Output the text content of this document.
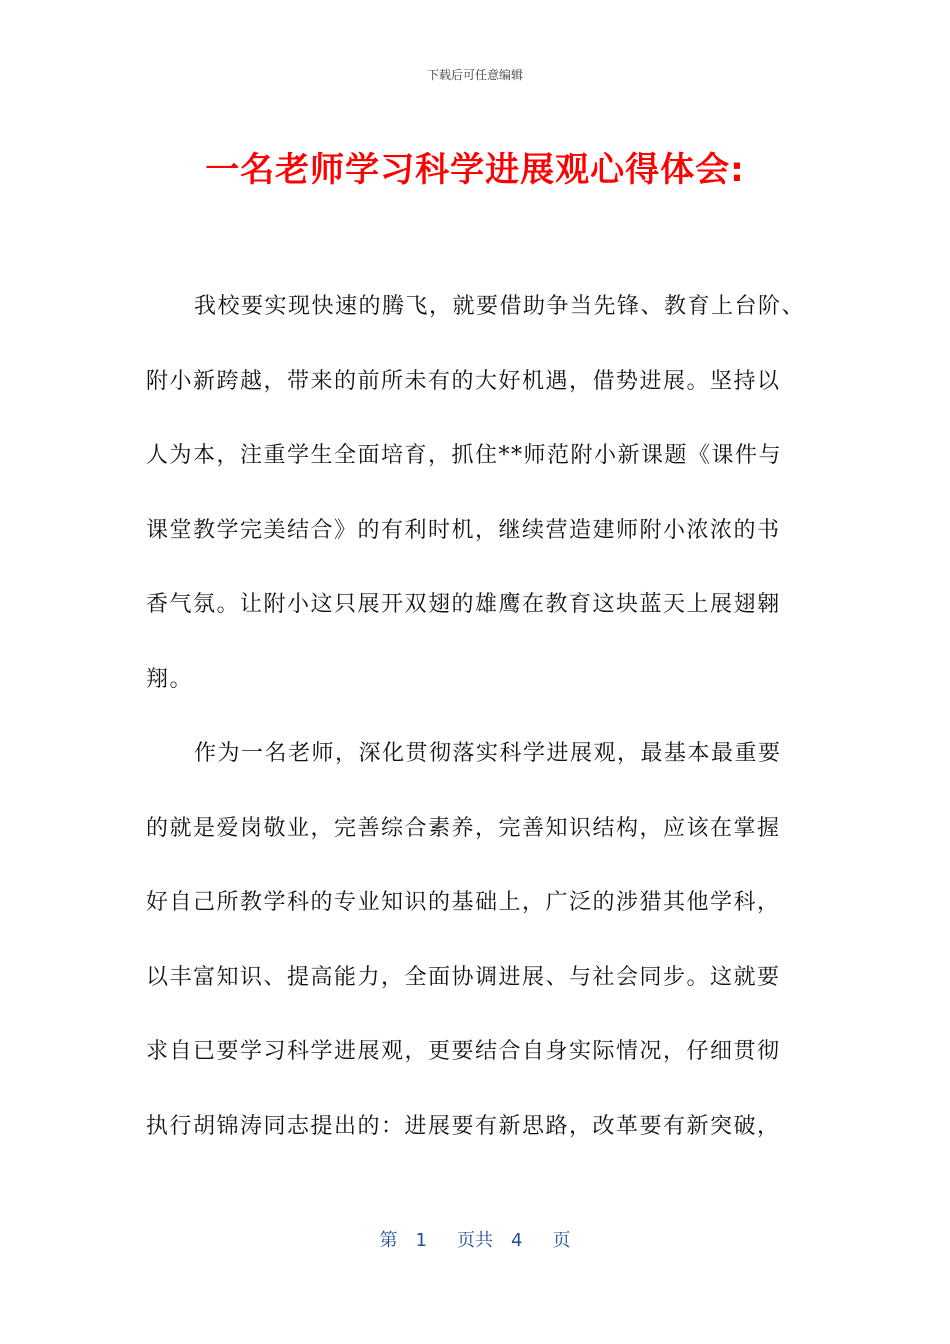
下载后可任意编辑
一名老师学习科学进展观心得体会:

我校要实现快速的腾飞，就要借助争当先锋、教育上台阶、
附小新跨越，带来的前所未有的大好机遇，借势进展。坚持以
人为本，注重学生全面培育，抓住**师范附小新课题《课件与
课堂教学完美结合》的有利时机，继续营造建师附小浓浓的书
香气氛。让附小这只展开双翅的雄鹰在教育这块蓝天上展翅翱
翔。

作为一名老师，深化贯彻落实科学进展观，最基本最重要
的就是爱岗敬业，完善综合素养，完善知识结构，应该在掌握
好自己所教学科的专业知识的基础上，广泛的涉猎其他学科，
以丰富知识、提高能力，全面协调进展、与社会同步。这就要
求自已要学习科学进展观，更要结合自身实际情况，仔细贯彻
执行胡锦涛同志提出的：进展要有新思路，改革要有新突破，

第 1 页共 4 页
